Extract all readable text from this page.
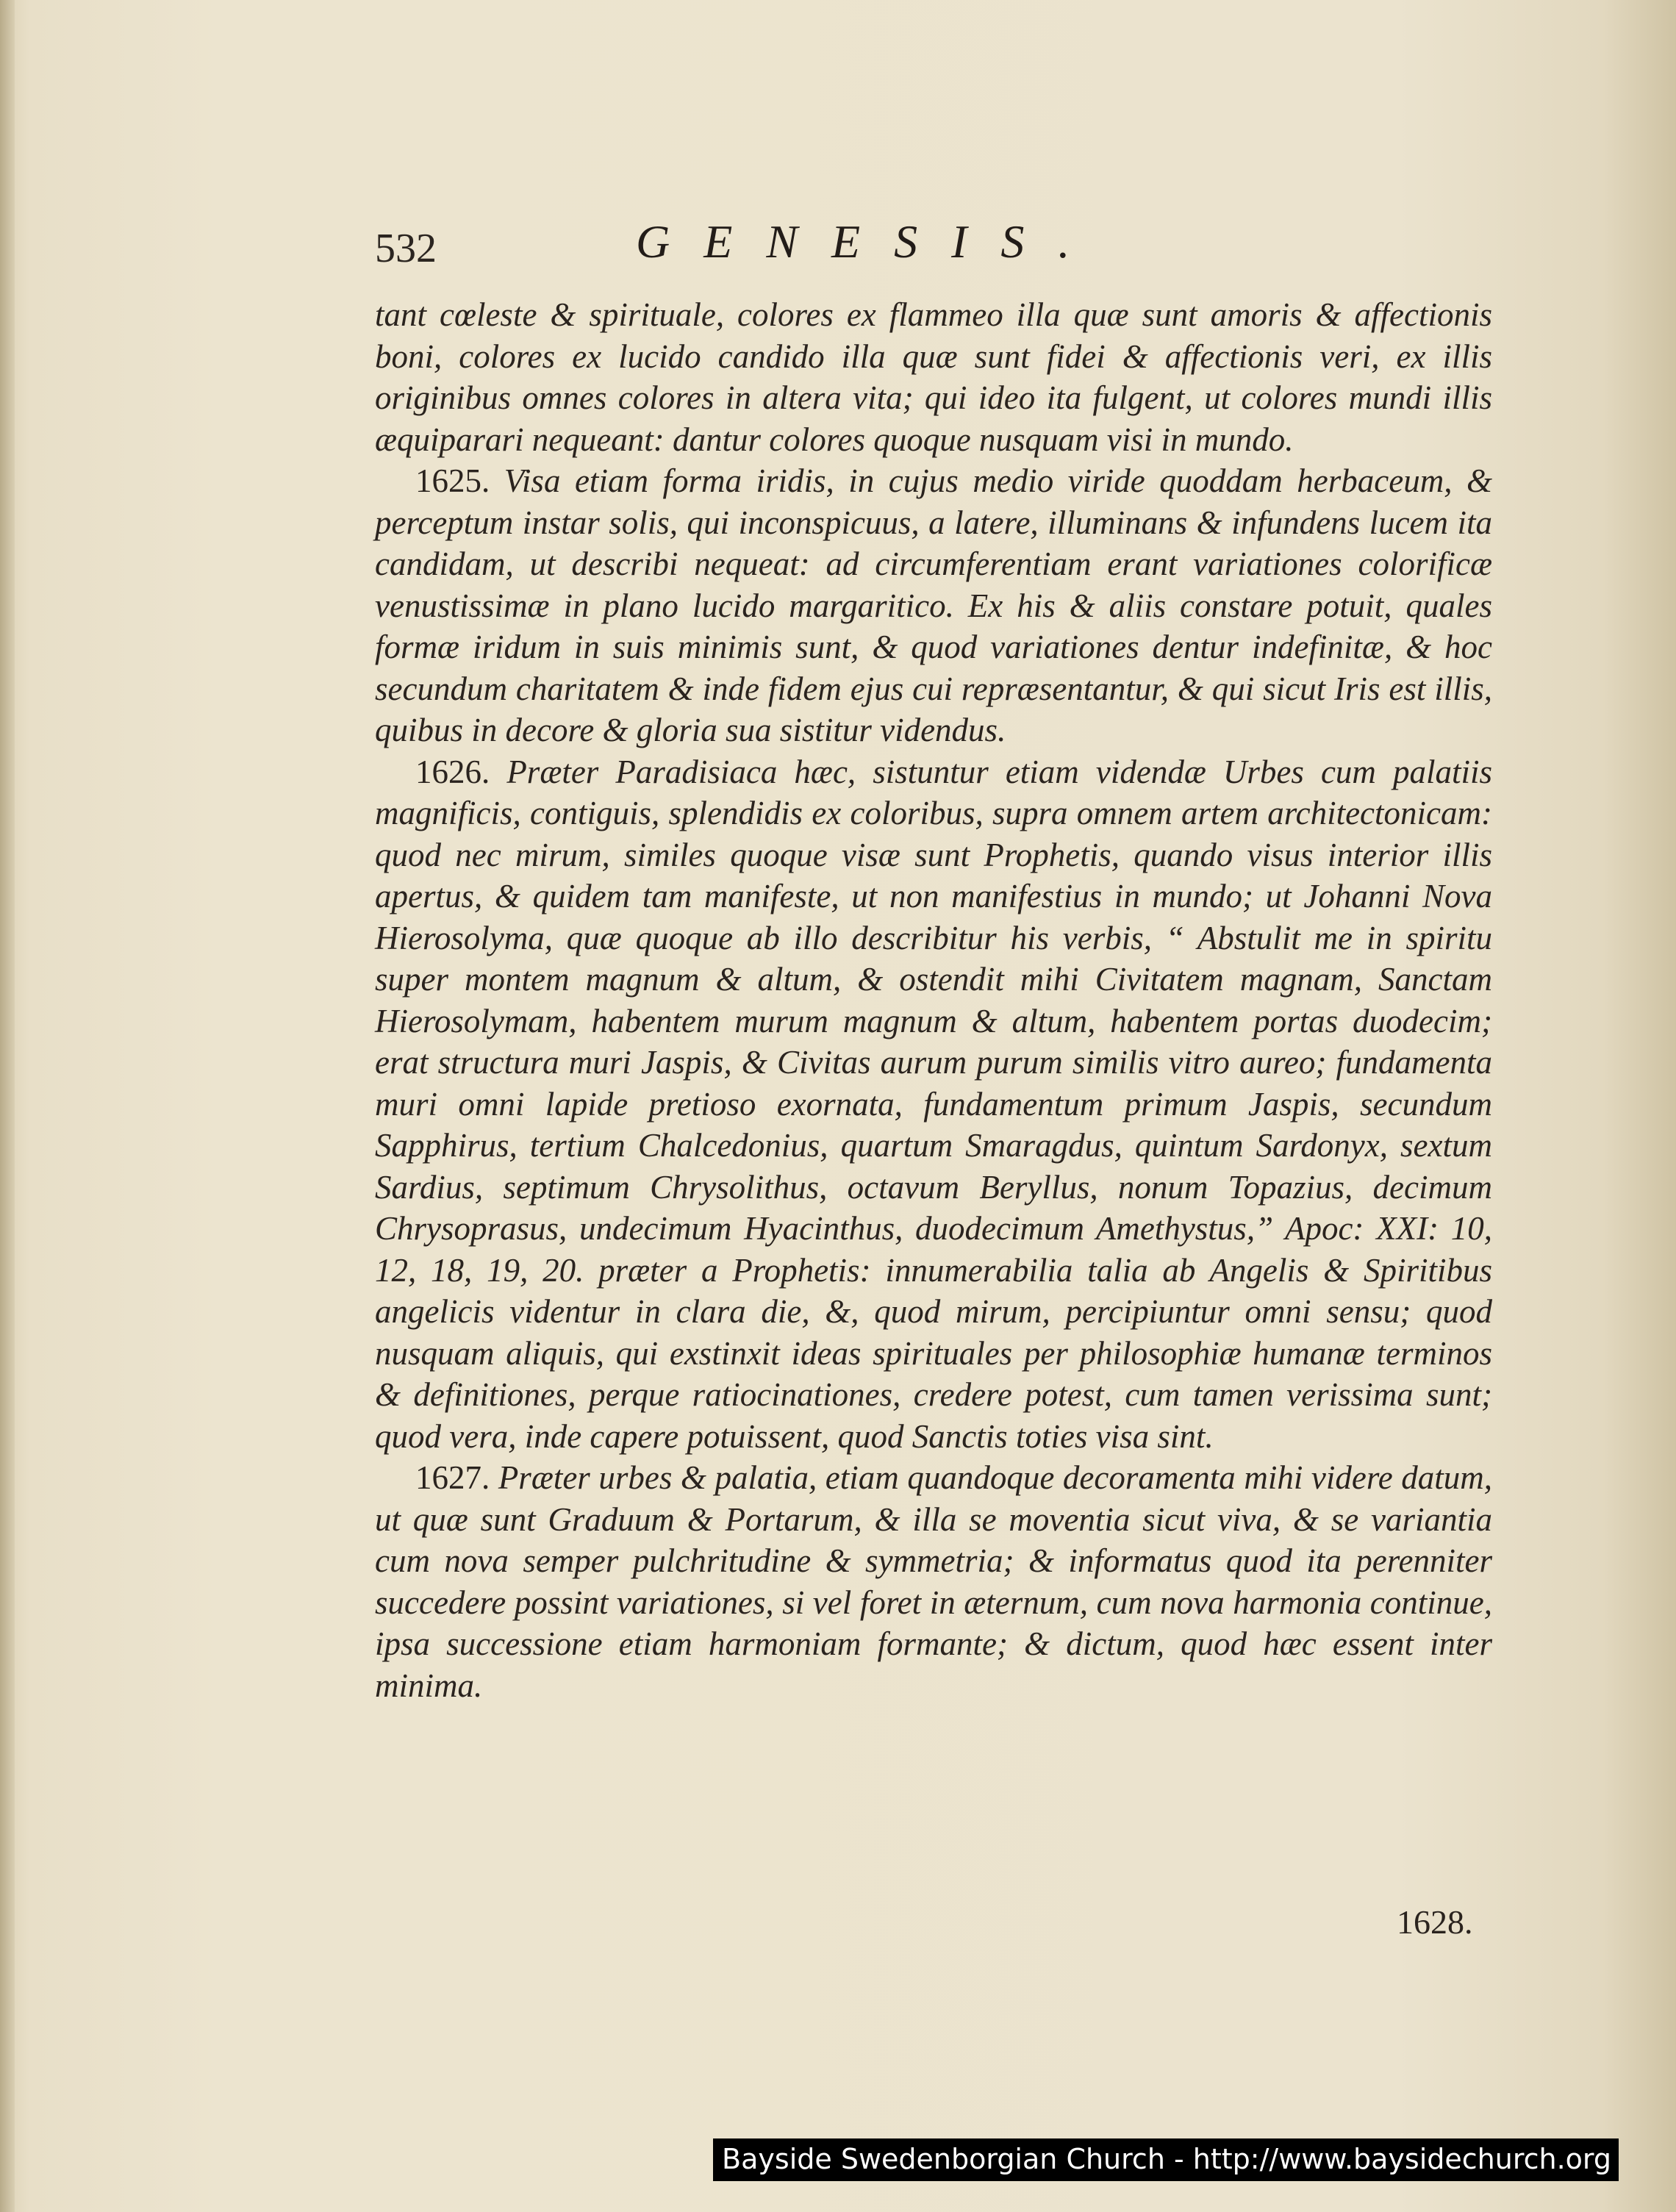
532	GENESIS.

tant cœleste & spirituale, colores ex flammeo illa quæ sunt amoris & affectionis boni, colores ex lucido candido illa quæ sunt fidei & affectionis veri, ex illis originibus omnes colores in altera vita; qui ideo ita fulgent, ut colores mundi illis æquiparari nequeant: dantur colores quoque nusquam visi in mundo.

1625. Visa etiam forma iridis, in cujus medio viride quoddam herbaceum, & perceptum instar solis, qui inconspicuus, a latere, illuminans & infundens lucem ita candidam, ut describi nequeat: ad circumferentiam erant variationes colorificæ venustissimæ in plano lucido margaritico. Ex his & aliis constare potuit, quales formæ iridum in suis minimis sunt, & quod variationes dentur indefinitæ, & hoc secundum charitatem & inde fidem ejus cui repræsentantur, & qui sicut Iris est illis, quibus in decore & gloria sua sistitur videndus.

1626. Præter Paradisiaca hæc, sistuntur etiam videndæ Urbes cum palatiis magnificis, contiguis, splendidis ex coloribus, supra omnem artem architectonicam: quod nec mirum, similes quoque visæ sunt Prophetis, quando visus interior illis apertus, & quidem tam manifeste, ut non manifestius in mundo; ut Johanni Nova Hierosolyma, quæ quoque ab illo describitur his verbis, “ Abstulit me in spiritu super montem magnum & altum, & ostendit mihi Civitatem magnam, Sanctam Hierosolymam, habentem murum magnum & altum, habentem portas duodecim; erat structura muri Jaspis, & Civitas aurum purum similis vitro aureo; fundamenta muri omni lapide pretioso exornata, fundamentum primum Jaspis, secundum Sapphirus, tertium Chalcedonius, quartum Smaragdus, quintum Sardonyx, sextum Sardius, septimum Chrysolithus, octavum Beryllus, nonum Topazius, decimum Chrysoprasus, undecimum Hyacinthus, duodecimum Amethystus,” Apoc: XXI: 10, 12, 18, 19, 20. præter a Prophetis: innumerabilia talia ab Angelis & Spiritibus angelicis videntur in clara die, &, quod mirum, percipiuntur omni sensu; quod nusquam aliquis, qui exstinxit ideas spirituales per philosophiæ humanæ terminos & definitiones, perque ratiocinationes, credere potest, cum tamen verissima sunt; quod vera, inde capere potuissent, quod Sanctis toties visa sint.

1627. Præter urbes & palatia, etiam quandoque decoramenta mihi videre datum, ut quæ sunt Graduum & Portarum, & illa se moventia sicut viva, & se variantia cum nova semper pulchritudine & symmetria; & informatus quod ita perenniter succedere possint variationes, si vel foret in æternum, cum nova harmonia continue, ipsa successione etiam harmoniam formante; & dictum, quod hæc essent inter minima.

1628.
Bayside Swedenborgian Church - http://www.baysidechurch.org
